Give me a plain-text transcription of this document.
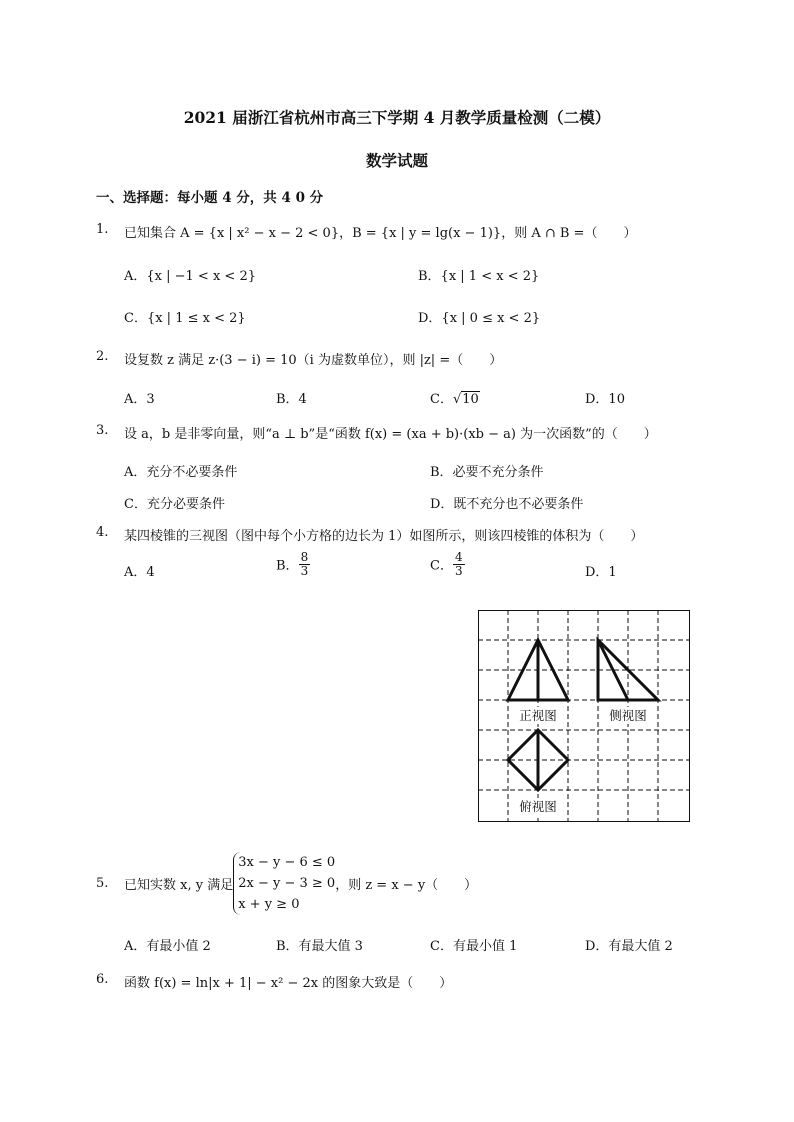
2021 届浙江省杭州市高三下学期 4 月教学质量检测（二模）
数学试题
一、选择题：每小题 4 分，共 4 0 分
1. 已知集合 A = {x | x² − x − 2 < 0}，B = {x | y = lg(x − 1)}，则 A ∩ B =（　　）
A．{x | −1 < x < 2}	B．{x | 1 < x < 2}
C．{x | 1 ≤ x < 2}	D．{x | 0 ≤ x < 2}
2. 设复数 z 满足 z·(3 − i) = 10（i 为虚数单位），则 |z| =（　　）
A．3	B．4	C．√10	D．10
3. 设 a，b 是非零向量，则“a ⊥ b”是“函数 f(x) = (xa + b)·(xb − a) 为一次函数”的（　　）
A．充分不必要条件	B．必要不充分条件
C．充分必要条件	D．既不充分也不必要条件
4. 某四棱锥的三视图（图中每个小方格的边长为 1）如图所示，则该四棱锥的体积为（　　）
A．4	B． $\frac{8}{3}$	C． $\frac{4}{3}$	D．1
正视图	侧视图
俯视图
5. 已知实数 x, y 满足
3x − y − 6 ≤ 0
2x − y − 3 ≥ 0
x + y ≥ 0
，则 z = x − y（　　）
A．有最小值 2	B．有最大值 3	C．有最小值 1	D．有最大值 2
6. 函数 f(x) = ln|x + 1| − x² − 2x 的图象大致是（　　）
